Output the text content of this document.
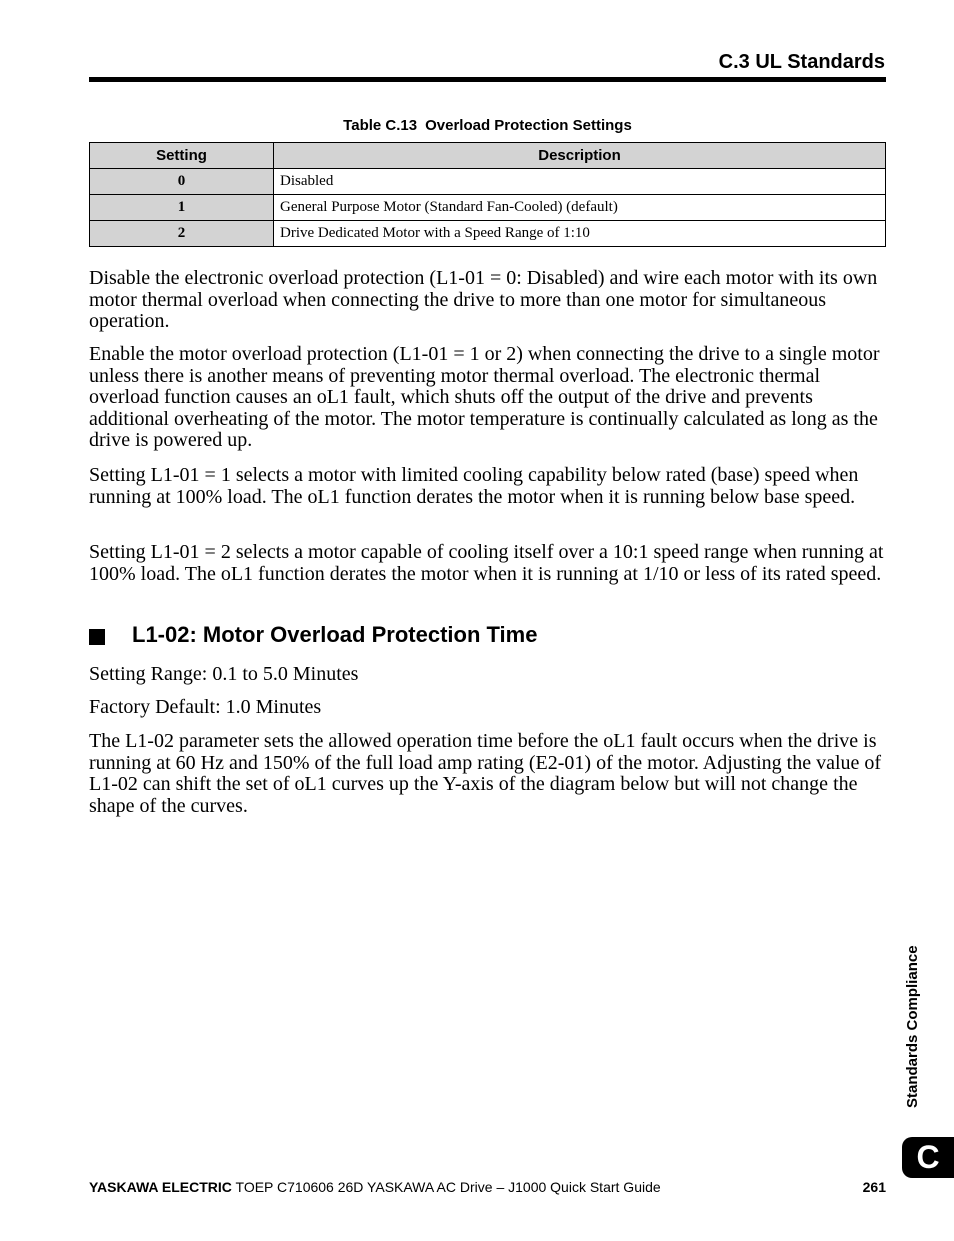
C.3 UL Standards
Table C.13 Overload Protection Settings
Setting	Description
0	Disabled
1	General Purpose Motor (Standard Fan-Cooled) (default)
2	Drive Dedicated Motor with a Speed Range of 1:10
Disable the electronic overload protection (L1-01 = 0: Disabled) and wire each motor with its own motor thermal overload when connecting the drive to more than one motor for simultaneous operation.
Enable the motor overload protection (L1-01 = 1 or 2) when connecting the drive to a single motor unless there is another means of preventing motor thermal overload. The electronic thermal overload function causes an oL1 fault, which shuts off the output of the drive and prevents additional overheating of the motor. The motor temperature is continually calculated as long as the drive is powered up.
Setting L1-01 = 1 selects a motor with limited cooling capability below rated (base) speed when running at 100% load. The oL1 function derates the motor when it is running below base speed.
Setting L1-01 = 2 selects a motor capable of cooling itself over a 10:1 speed range when running at 100% load. The oL1 function derates the motor when it is running at 1/10 or less of its rated speed.
L1-02: Motor Overload Protection Time
Setting Range: 0.1 to 5.0 Minutes
Factory Default: 1.0 Minutes
The L1-02 parameter sets the allowed operation time before the oL1 fault occurs when the drive is running at 60 Hz and 150% of the full load amp rating (E2-01) of the motor. Adjusting the value of L1-02 can shift the set of oL1 curves up the Y-axis of the diagram below but will not change the shape of the curves.
Standards Compliance
C
YASKAWA ELECTRIC TOEP C710606 26D YASKAWA AC Drive – J1000 Quick Start Guide	261
